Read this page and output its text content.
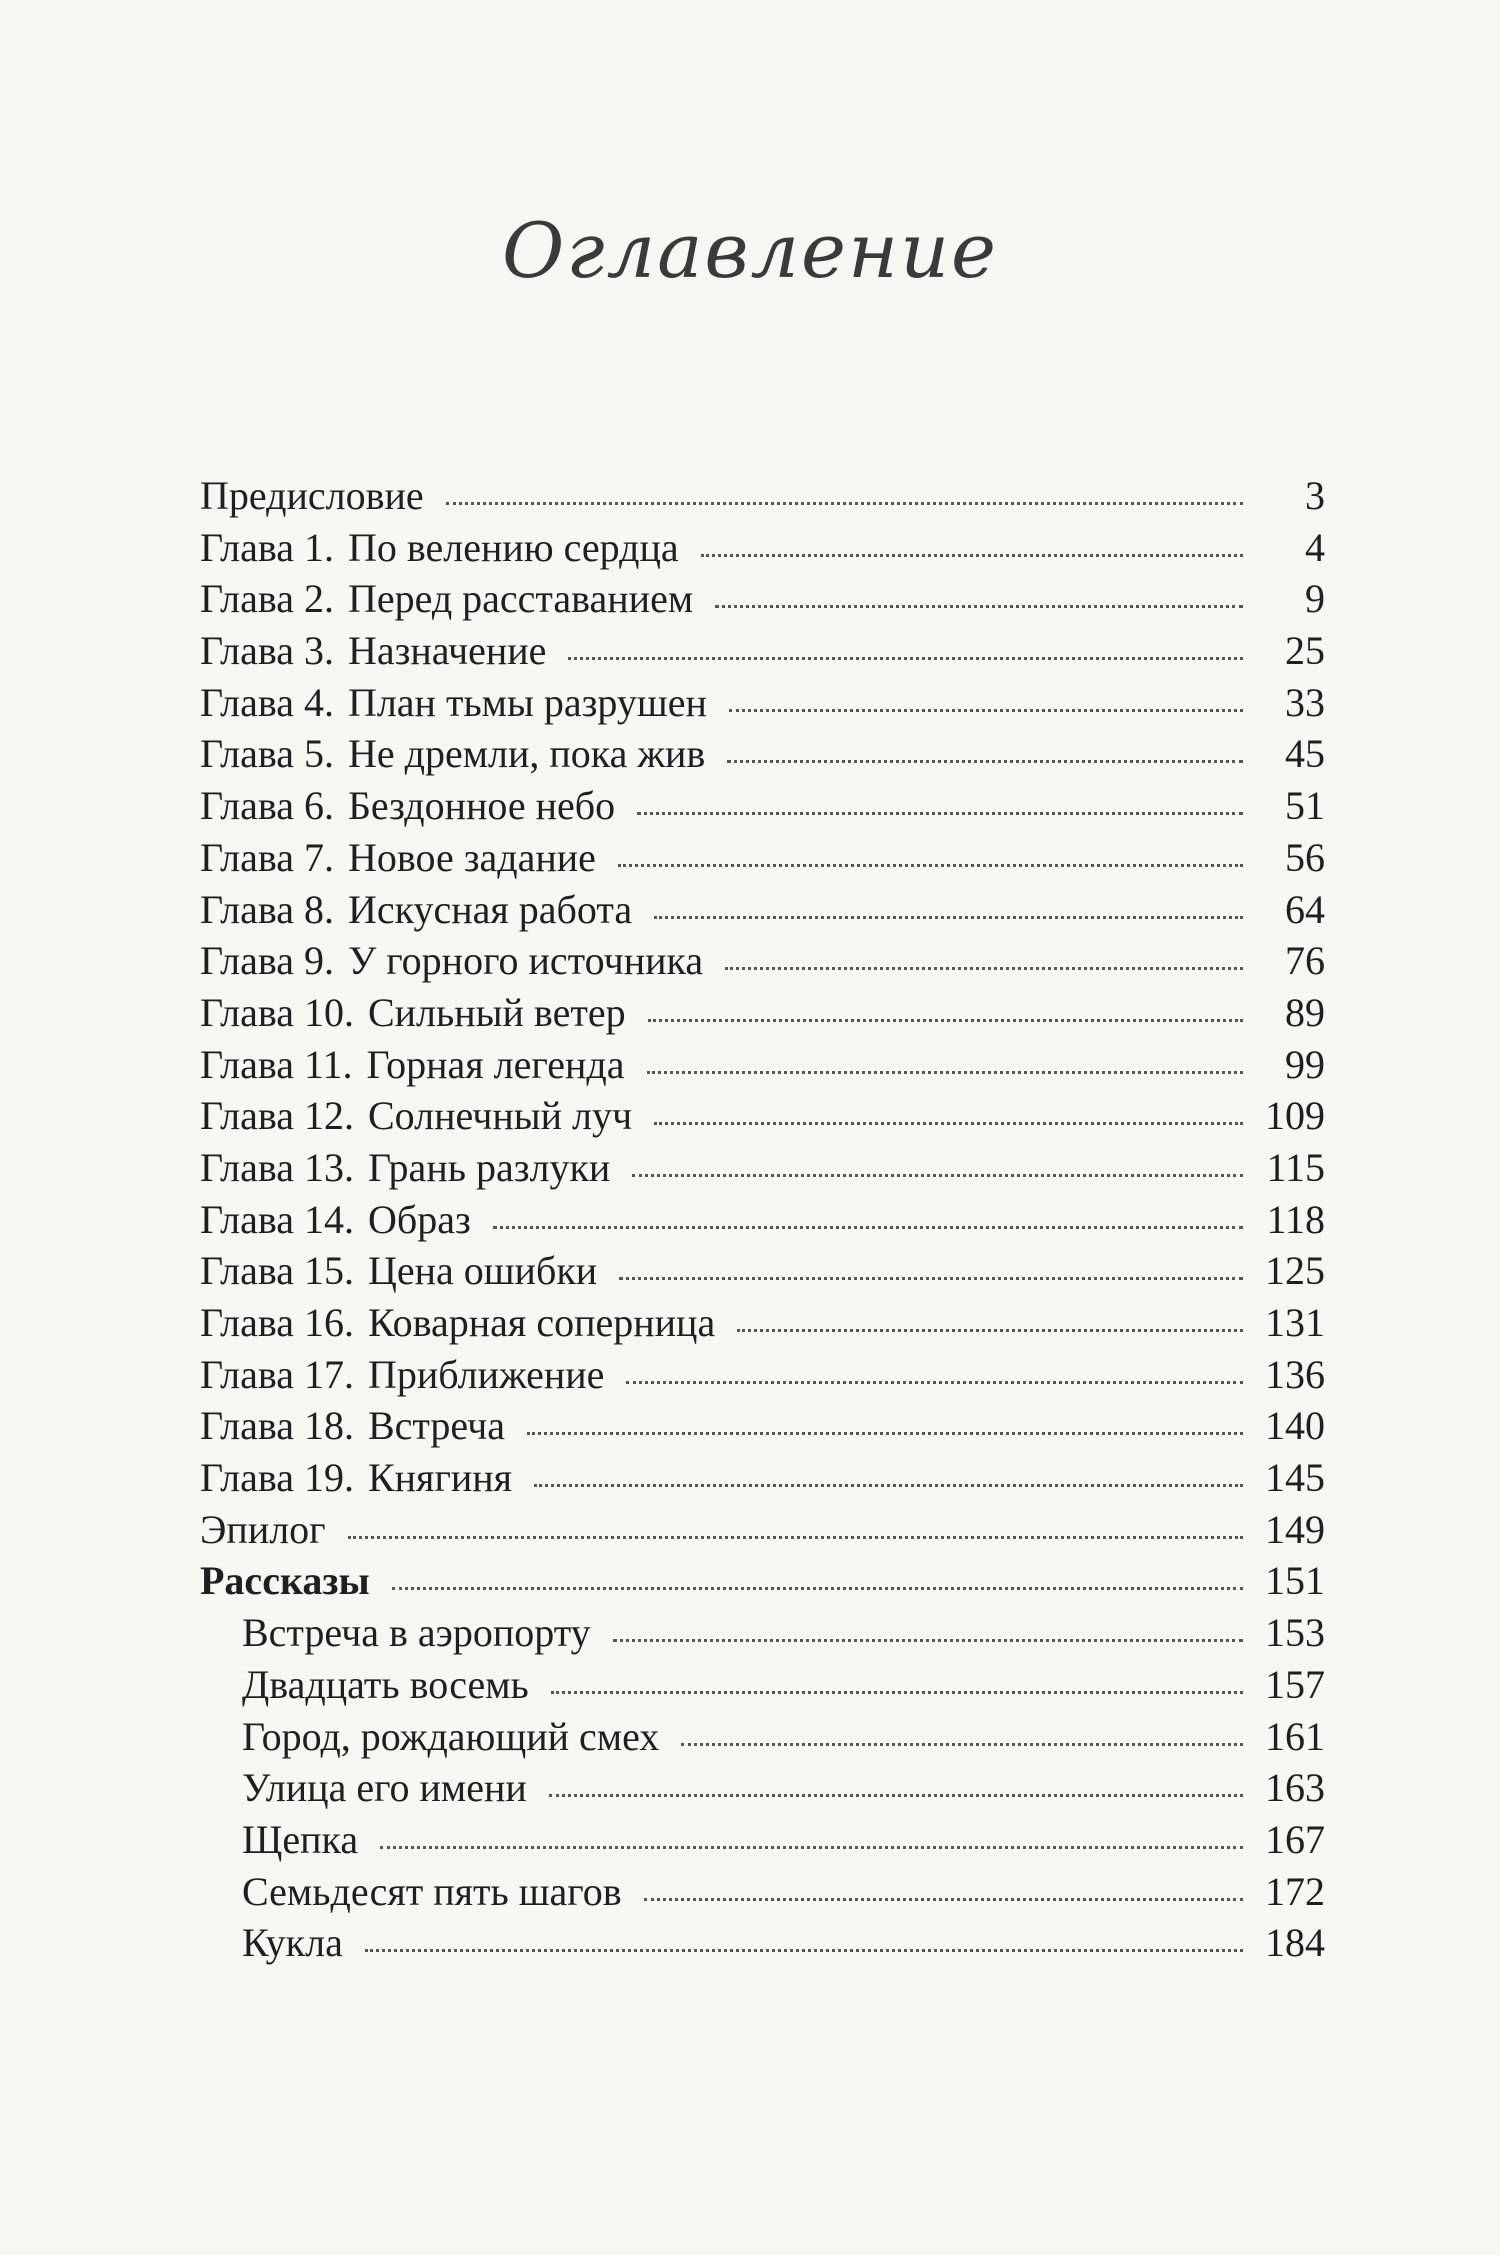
Оглавление
Предисловие	3
Глава 1. По велению сердца	4
Глава 2. Перед расставанием	9
Глава 3. Назначение	25
Глава 4. План тьмы разрушен	33
Глава 5. Не дремли, пока жив	45
Глава 6. Бездонное небо	51
Глава 7. Новое задание	56
Глава 8. Искусная работа	64
Глава 9. У горного источника	76
Глава 10. Сильный ветер	89
Глава 11. Горная легенда	99
Глава 12. Солнечный луч	109
Глава 13. Грань разлуки	115
Глава 14. Образ	118
Глава 15. Цена ошибки	125
Глава 16. Коварная соперница	131
Глава 17. Приближение	136
Глава 18. Встреча	140
Глава 19. Княгиня	145
Эпилог	149
Рассказы	151
Встреча в аэропорту	153
Двадцать восемь	157
Город, рождающий смех	161
Улица его имени	163
Щепка	167
Семьдесят пять шагов	172
Кукла	184
